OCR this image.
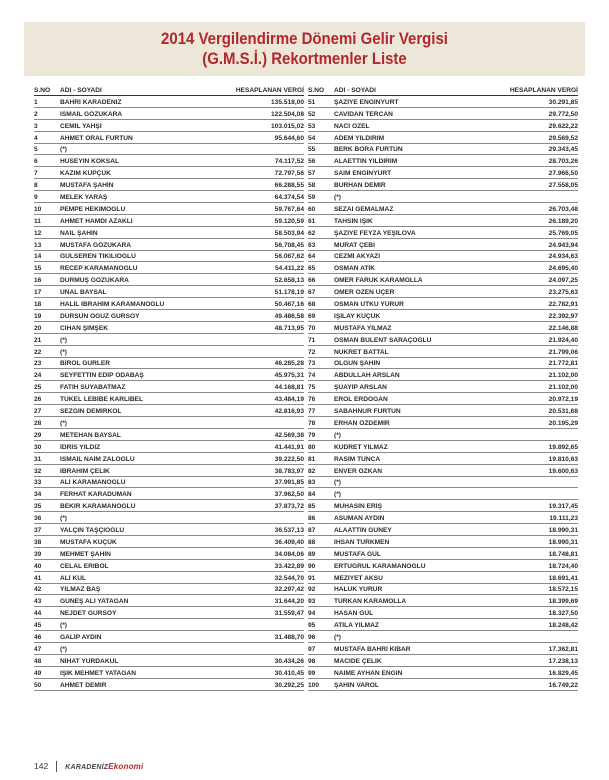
2014 Vergilendirme Dönemi Gelir Vergisi
(G.M.S.İ.) Rekortmenler Liste
S.NO	ADI - SOYADI	HESAPLANAN VERGİ
1	BAHRİ KARADENİZ	135.518,00
2	İSMAİL GÖZÜKARA	122.504,08
3	CEMİL YAHŞİ	103.015,02
4	AHMET ORAL FURTUN	95.644,60
5	(*)
6	HÜSEYİN KÖKSAL	74.117,52
7	KAZIM KÜPÇÜK	72.797,56
8	MUSTAFA ŞAHİN	66.288,55
9	MELEK YARAŞ	64.374,54
10	PEMPE HEKİMOĞLU	59.767,64
11	AHMET HAMDİ AZAKLI	59.120,59
12	NAİL ŞAHİN	58.503,94
13	MUSTAFA GÖZÜKARA	56.708,45
14	GÜLSEREN TIKILIOĞLU	56.067,62
15	RECEP KARAMANOĞLU	54.411,22
16	DURMUŞ GÖZÜKARA	52.658,13
17	ÜNAL BAYSAL	51.178,19
18	HALİL İBRAHİM KARAMANOĞLU	50.467,16
19	DURSUN OĞUZ GÜRSOY	49.486,58
20	CİHAN ŞİMŞEK	48.713,95
21	(*)
22	(*)
23	BİROL GÜRLER	46.285,28
24	SEYFETTİN EDİP ODABAŞ	45.975,31
25	FATİH SUYABATMAZ	44.168,81
26	TÜKEL LEBİBE KARLIBEL	43.484,19
27	SEZGİN DEMİRKOL	42.816,93
28	(*)
29	METEHAN BAYSAL	42.569,38
30	İDRİS YILDIZ	41.441,91
31	İSMAİL NAİM ZALOĞLU	39.222,50
32	İBRAHİM ÇELİK	38.783,97
33	ALİ KARAMANOĞLU	37.991,85
34	FERHAT KARADUMAN	37.962,50
35	BEKİR KARAMANOĞLU	37.873,72
36	(*)
37	YALÇIN TAŞÇIOĞLU	36.537,13
38	MUSTAFA KÜÇÜK	36.409,40
39	MEHMET ŞAHİN	34.084,06
40	CELAL ERİBOL	33.422,89
41	ALİ KUL	32.544,70
42	YILMAZ BAŞ	32.297,42
43	GÜNEŞ ALİ YATAĞAN	31.644,20
44	NEJDET GÜRSOY	31.559,47
45	(*)
46	GALİP AYDIN	31.488,70
47	(*)
48	NİHAT YURDAKUL	30.434,26
49	IŞIK MEHMET YATAĞAN	30.410,45
50	AHMET DEMİR	30.292,25
S.NO	ADI - SOYADI	HESAPLANAN VERGİ
51	ŞAZİYE ENGİNYURT	30.291,85
52	CAVİDAN TERCAN	29.772,50
53	NACİ ÖZEL	29.622,22
54	ADEM YILDIRIM	29.569,52
55	BERK BORA FURTUN	29.343,45
56	ALAETTİN YILDIRIM	28.703,26
57	SAİM ENGİNYURT	27.966,50
58	BURHAN DEMİR	27.558,05
59	(*)
60	SEZAİ GEMALMAZ	26.703,48
61	TAHSİN IŞIK	26.189,20
62	ŞAZİYE FEYZA YEŞİLOVA	25.769,05
63	MURAT ÇEBİ	24.943,94
64	CEZMİ AKYAZI	24.934,63
65	OSMAN ATİK	24.695,40
66	ÖMER FARUK KARAMOLLA	24.097,25
67	ÖMER ÖZEN ÜÇER	23.275,63
68	OSMAN UTKU YÜRÜR	22.782,91
69	IŞILAY KÜÇÜK	22.392,97
70	MUSTAFA YILMAZ	22.146,88
71	OSMAN BÜLENT SARAÇOĞLU	21.924,40
72	NÜKRET BATTAL	21.799,06
73	OLGUN ŞAHİN	21.772,81
74	ABDULLAH ARSLAN	21.102,00
75	ŞUAYİP ARSLAN	21.102,00
76	EROL ERDOĞAN	20.972,19
77	SABAHNUR FURTUN	20.531,68
78	ERHAN ÖZDEMİR	20.195,29
79	(*)
80	KUDRET YILMAZ	19.892,65
81	RASİM TUNCA	19.810,63
82	ENVER ÖZKAN	19.600,63
83	(*)
84	(*)
85	MUHASİN ERİŞ	19.317,45
86	ASUMAN AYDIN	19.111,23
87	ALAATTİN GÜNEY	18.990,31
88	İHSAN TÜRKMEN	18.990,31
89	MUSTAFA GÜL	18.748,81
90	ERTUĞRUL KARAMANOĞLU	18.724,40
91	MEZİYET AKSU	18.691,41
92	HALUK YÜRÜR	18.572,15
93	TÜRKAN KARAMOLLA	18.399,69
94	HASAN GÜL	18.327,50
95	ATİLA YILMAZ	18.248,42
96	(*)
97	MUSTAFA BAHRİ KİBAR	17.362,81
98	MACİDE ÇELİK	17.238,13
99	NAİME AYHAN ENGİN	16.829,45
100	ŞAHİN VAROL	16.749,22
142 KARADENİZEkonomi
